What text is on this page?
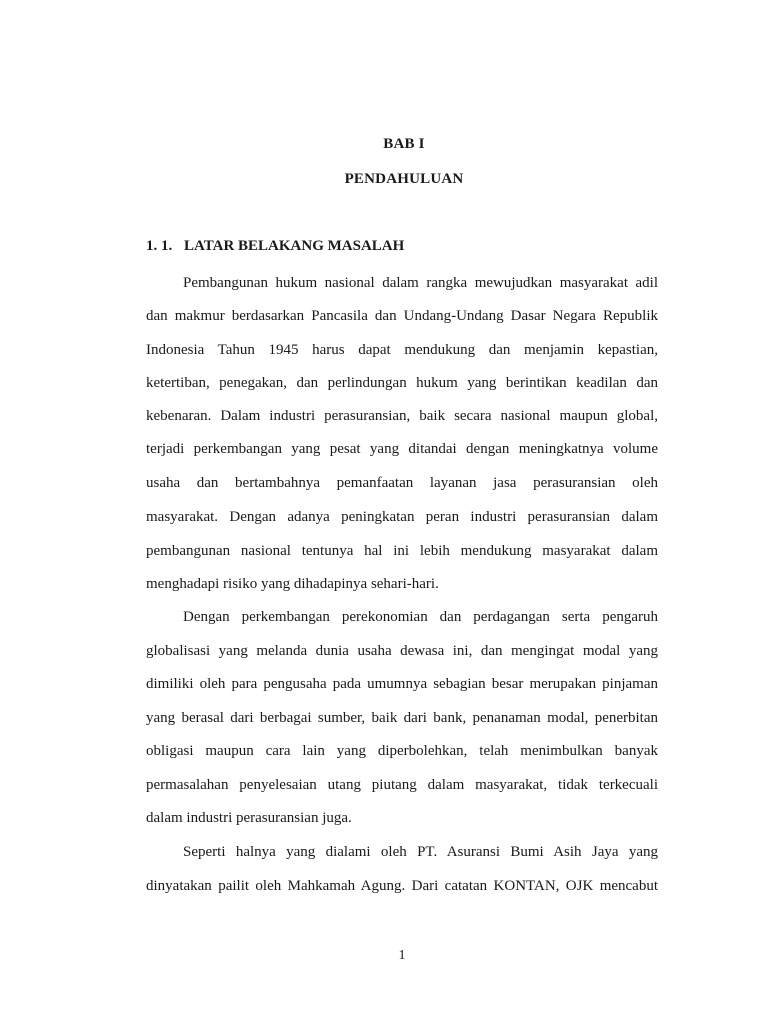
BAB I
PENDAHULUAN
1. 1. LATAR BELAKANG MASALAH
Pembangunan hukum nasional dalam rangka mewujudkan masyarakat adil
dan makmur berdasarkan Pancasila dan Undang-Undang Dasar Negara Republik
Indonesia Tahun 1945 harus dapat mendukung dan menjamin kepastian,
ketertiban, penegakan, dan perlindungan hukum yang berintikan keadilan dan
kebenaran. Dalam industri perasuransian, baik secara nasional maupun global,
terjadi perkembangan yang pesat yang ditandai dengan meningkatnya volume
usaha dan bertambahnya pemanfaatan layanan jasa perasuransian oleh
masyarakat. Dengan adanya peningkatan peran industri perasuransian dalam
pembangunan nasional tentunya hal ini lebih mendukung masyarakat dalam
menghadapi risiko yang dihadapinya sehari-hari.
Dengan perkembangan perekonomian dan perdagangan serta pengaruh
globalisasi yang melanda dunia usaha dewasa ini, dan mengingat modal yang
dimiliki oleh para pengusaha pada umumnya sebagian besar merupakan pinjaman
yang berasal dari berbagai sumber, baik dari bank, penanaman modal, penerbitan
obligasi maupun cara lain yang diperbolehkan, telah menimbulkan banyak
permasalahan penyelesaian utang piutang dalam masyarakat, tidak terkecuali
dalam industri perasuransian juga.
Seperti halnya yang dialami oleh PT. Asuransi Bumi Asih Jaya yang
dinyatakan pailit oleh Mahkamah Agung. Dari catatan KONTAN, OJK mencabut
1
